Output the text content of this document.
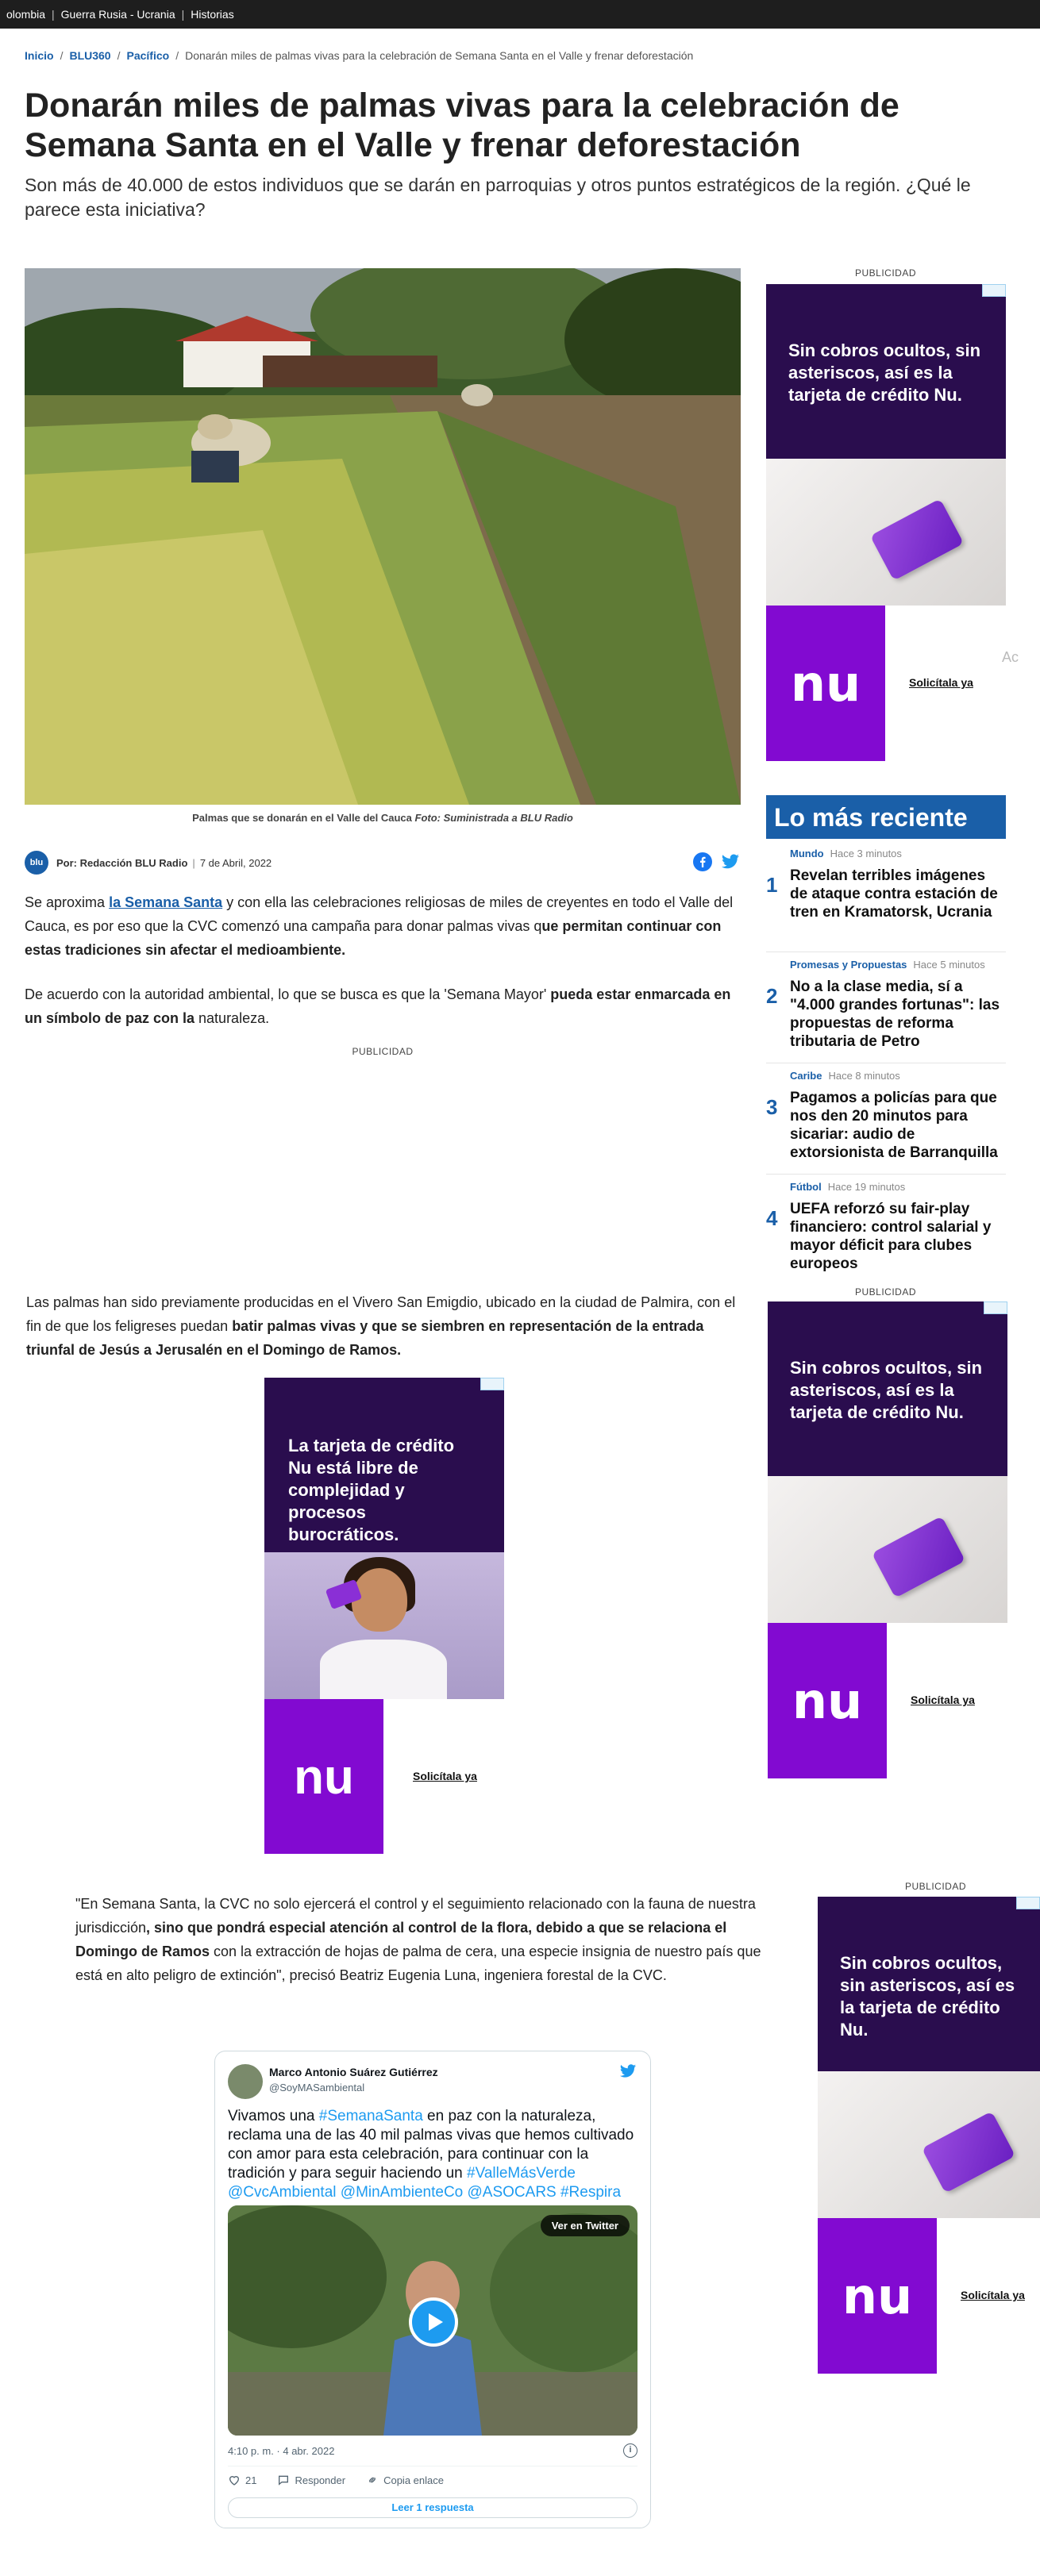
olombia | Guerra Rusia - Ucrania | Historias
Inicio / BLU360 / Pacífico / Donarán miles de palmas vivas para la celebración de Semana Santa en el Valle y frenar deforestación
Donarán miles de palmas vivas para la celebración de Semana Santa en el Valle y frenar deforestación

Son más de 40.000 de estos individuos que se darán en parroquias y otros puntos estratégicos de la región. ¿Qué le parece esta iniciativa?

Palmas que se donarán en el Valle del Cauca Foto: Suministrada a BLU Radio
blu	Por: Redacción BLU Radio | 7 de Abril, 2022

Se aproxima la Semana Santa y con ella las celebraciones religiosas de miles de creyentes en todo el Valle del Cauca, es por eso que la CVC comenzó una campaña para donar palmas vivas que permitan continuar con estas tradiciones sin afectar el medioambiente.

De acuerdo con la autoridad ambiental, lo que se busca es que la 'Semana Mayor' pueda estar enmarcada en un símbolo de paz con la naturaleza.

PUBLICIDAD

Las palmas han sido previamente producidas en el Vivero San Emigdio, ubicado en la ciudad de Palmira, con el fin de que los feligreses puedan batir palmas vivas y que se siembren en representación de la entrada triunfal de Jesús a Jerusalén en el Domingo de Ramos.

La tarjeta de crédito Nu está libre de complejidad y procesos burocráticos.
nu	Solicítala ya

"En Semana Santa, la CVC no solo ejercerá el control y el seguimiento relacionado con la fauna de nuestra jurisdicción, sino que pondrá especial atención al control de la flora, debido a que se relaciona el Domingo de Ramos con la extracción de hojas de palma de cera, una especie insignia de nuestro país que está en alto peligro de extinción", precisó Beatriz Eugenia Luna, ingeniera forestal de la CVC.

Marco Antonio Suárez Gutiérrez
@SoyMASambiental
Vivamos una #SemanaSanta en paz con la naturaleza, reclama una de las 40 mil palmas vivas que hemos cultivado con amor para esta celebración, para continuar con la tradición y para seguir haciendo un #ValleMásVerde @CvcAmbiental @MinAmbienteCo @ASOCARS #Respira
Ver en Twitter
4:10 p. m. · 4 abr. 2022	i
21	Responder	Copia enlace
Leer 1 respuesta
PUBLICIDAD
Sin cobros ocultos, sin asteriscos, así es la tarjeta de crédito Nu.
nu	Solicítala ya
Ac
Lo más reciente
Mundo Hace 3 minutos
1 Revelan terribles imágenes de ataque contra estación de tren en Kramatorsk, Ucrania
Promesas y Propuestas Hace 5 minutos
2 No a la clase media, sí a "4.000 grandes fortunas": las propuestas de reforma tributaria de Petro
Caribe Hace 8 minutos
3 Pagamos a policías para que nos den 20 minutos para sicariar: audio de extorsionista de Barranquilla
Fútbol Hace 19 minutos
4 UEFA reforzó su fair-play financiero: control salarial y mayor déficit para clubes europeos
PUBLICIDAD
Sin cobros ocultos, sin asteriscos, así es la tarjeta de crédito Nu.
nu	Solicítala ya
PUBLICIDAD
Sin cobros ocultos, sin asteriscos, así es la tarjeta de crédito Nu.
nu	Solicítala ya
